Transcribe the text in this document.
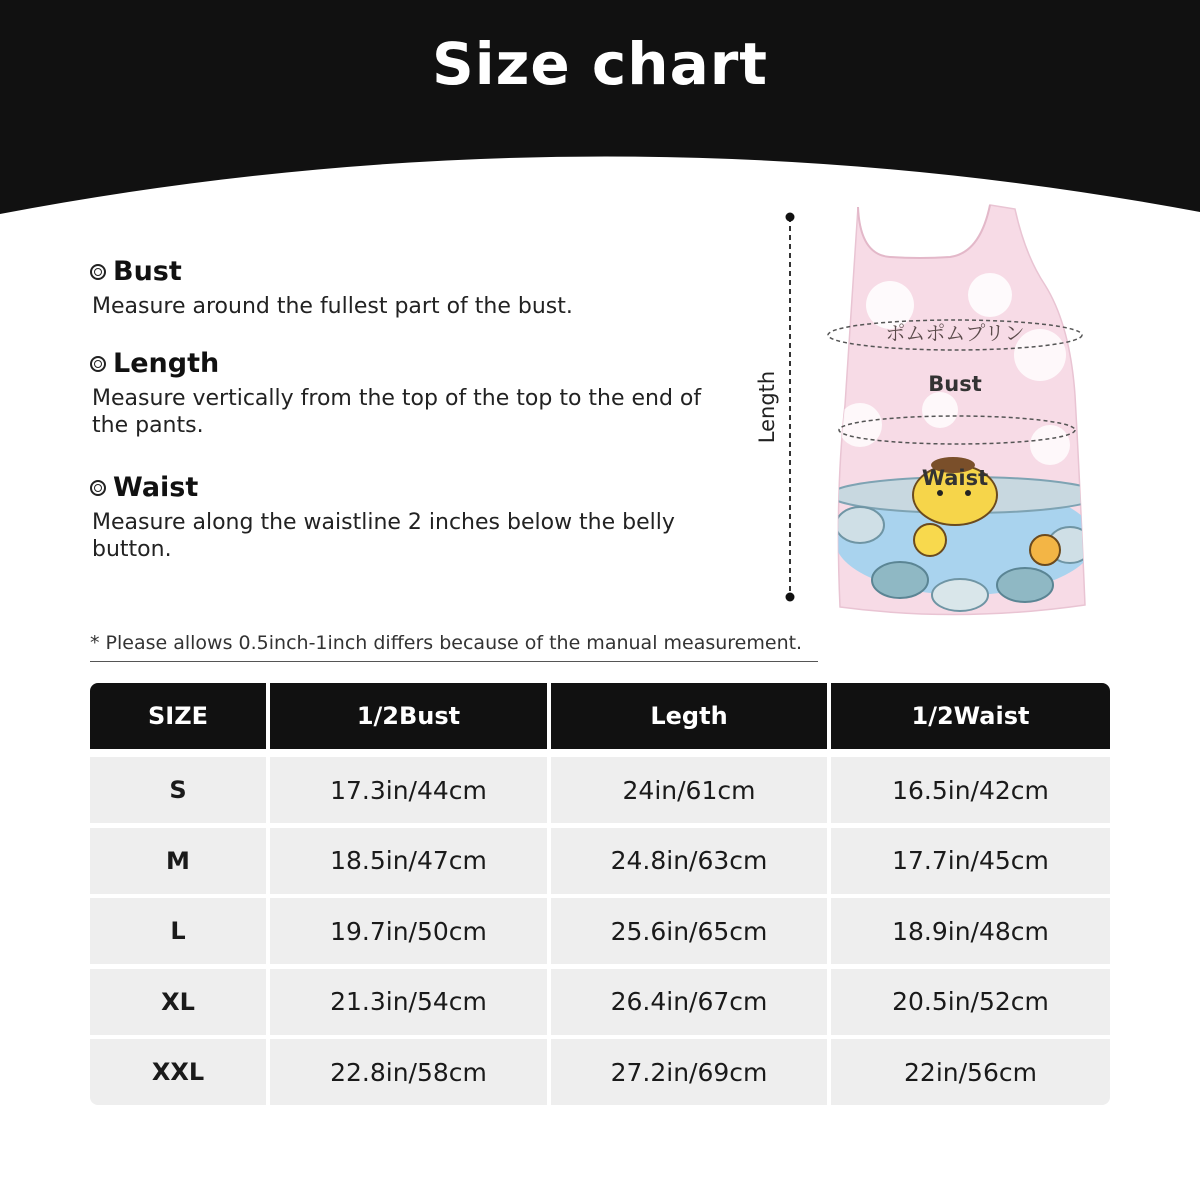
Size chart
Bust
Measure around the fullest part of the bust.
Length
Measure vertically from the top of the top to the end of the pants.
Waist
Measure along the waistline 2 inches below the belly button.
* Please allows 0.5inch-1inch differs because of the manual measurement.
Length
ポムポムプリン
Bust
Waist
SIZE	1/2Bust	Legth	1/2Waist
S	17.3in/44cm	24in/61cm	16.5in/42cm
M	18.5in/47cm	24.8in/63cm	17.7in/45cm
L	19.7in/50cm	25.6in/65cm	18.9in/48cm
XL	21.3in/54cm	26.4in/67cm	20.5in/52cm
XXL	22.8in/58cm	27.2in/69cm	22in/56cm
